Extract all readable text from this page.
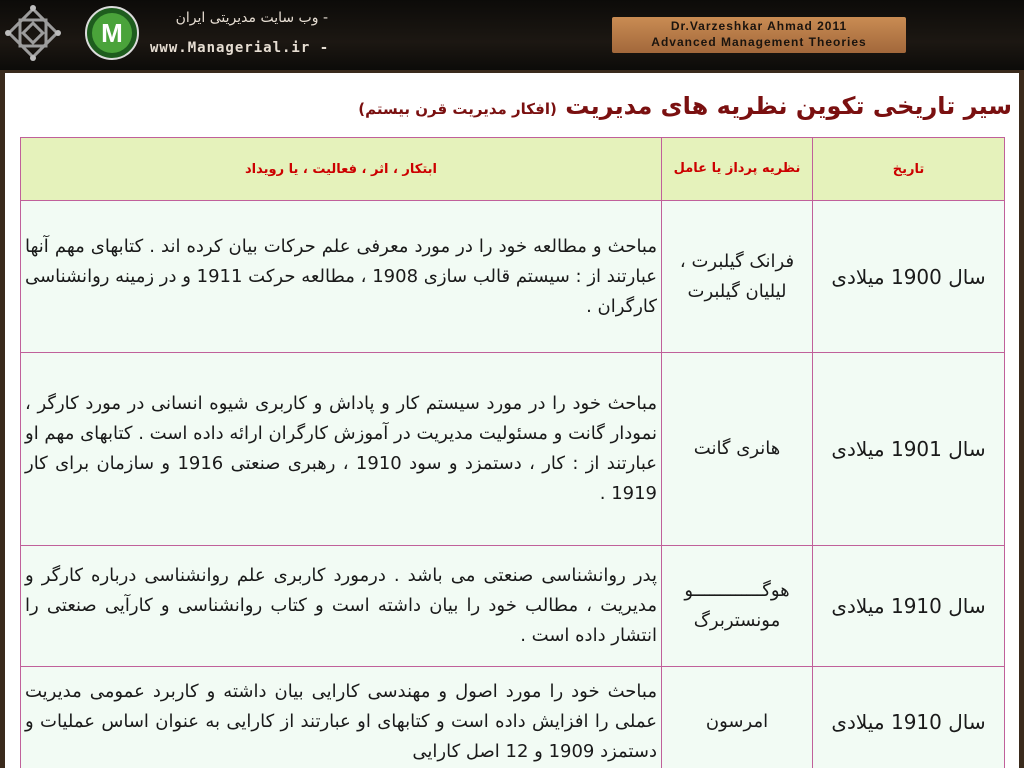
M	- وب سایت مدیریتی ایران
www.Managerial.ir -
Dr.Varzeshkar Ahmad 2011
Advanced Management Theories
سیر تاریخی تکوین نظریه های مدیریت (افکار مدیریت قرن بیستم)
تاریخ	نظریه پرداز یا عامل	ابتکار ، اثر ، فعالیت ، یا رویداد
سال 1900 میلادی	فرانک گیلبرت ، لیلیان گیلبرت	مباحث و مطالعه خود را در مورد معرفی علم حرکات بیان کرده اند . کتابهای مهم آنها عبارتند از : سیستم قالب سازی 1908 ، مطالعه حرکت 1911 و در زمینه روانشناسی کارگران .
سال 1901 میلادی	هانری گانت	مباحث خود را در مورد سیستم کار و پاداش و کاربری شیوه انسانی در مورد کارگر ، نمودار گانت و مسئولیت مدیریت در آموزش کارگران ارائه داده است . کتابهای مهم او عبارتند از : کار ، دستمزد و سود 1910 ، رهبری صنعتی 1916 و سازمان برای کار 1919 .
سال 1910 میلادی	هوگـــــــــــــو مونستربرگ	پدر روانشناسی صنعتی می باشد . درمورد کاربری علم روانشناسی درباره کارگر و مدیریت ، مطالب خود را بیان داشته است و کتاب روانشناسی و کارآیی صنعتی را انتشار داده است .
سال 1910 میلادی	امرسون	مباحث خود را مورد اصول و مهندسی کارایی بیان داشته و کاربرد عمومی مدیریت عملی را افزایش داده است و کتابهای او عبارتند از کارایی به عنوان اساس عملیات و دستمزد 1909 و 12 اصل کارایی
